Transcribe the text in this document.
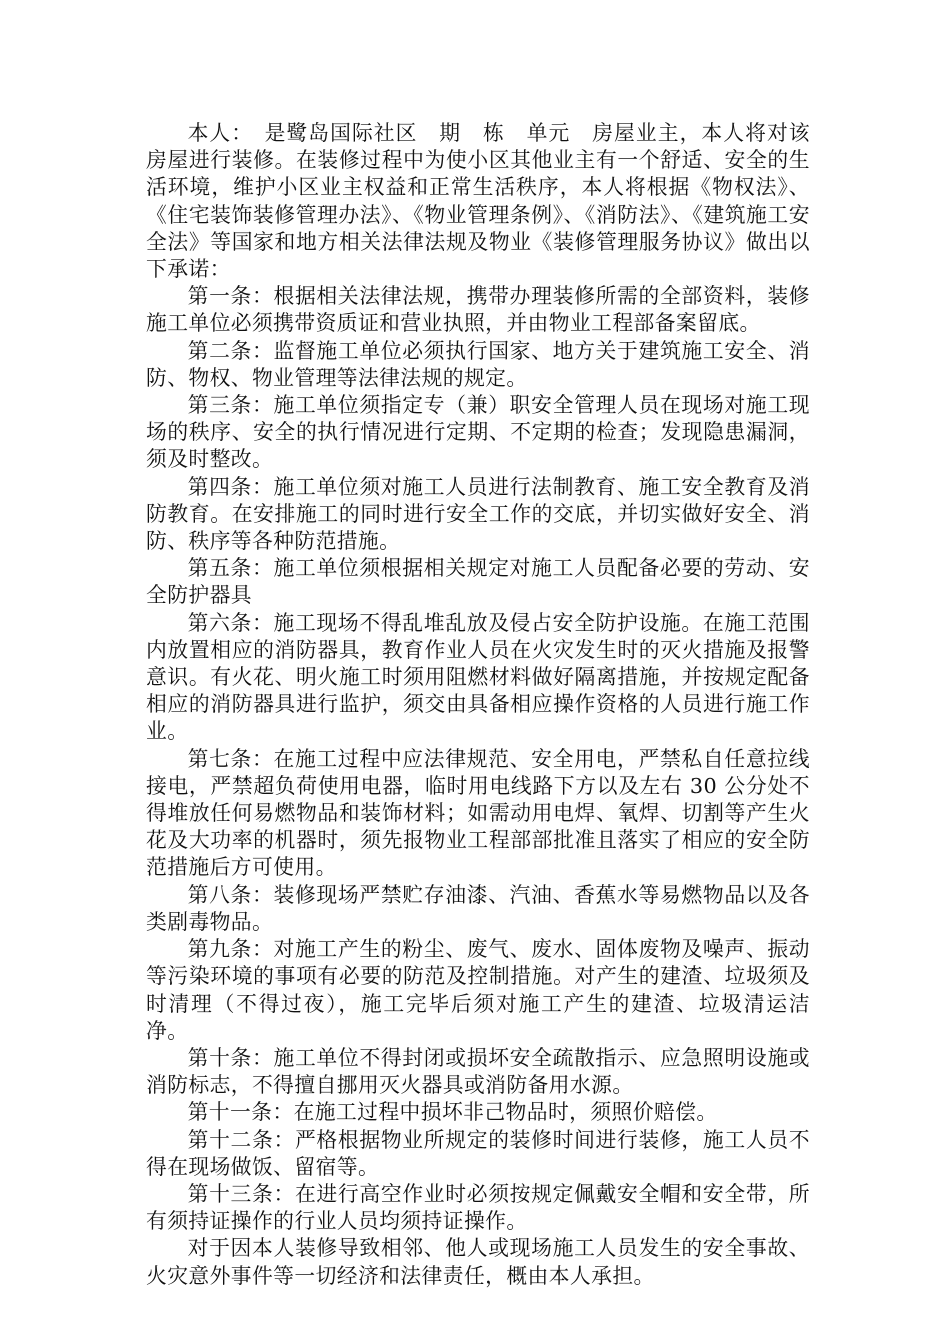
本人：　是鹭岛国际社区　期　栋　单元　房屋业主，本人将对该房屋进行装修。在装修过程中为使小区其他业主有一个舒适、安全的生活环境，维护小区业主权益和正常生活秩序，本人将根据《物权法》、《住宅装饰装修管理办法》、《物业管理条例》、《消防法》、《建筑施工安全法》等国家和地方相关法律法规及物业《装修管理服务协议》做出以下承诺：

第一条：根据相关法律法规，携带办理装修所需的全部资料，装修施工单位必须携带资质证和营业执照，并由物业工程部备案留底。

第二条：监督施工单位必须执行国家、地方关于建筑施工安全、消防、物权、物业管理等法律法规的规定。

第三条：施工单位须指定专（兼）职安全管理人员在现场对施工现场的秩序、安全的执行情况进行定期、不定期的检查；发现隐患漏洞，须及时整改。

第四条：施工单位须对施工人员进行法制教育、施工安全教育及消防教育。在安排施工的同时进行安全工作的交底，并切实做好安全、消防、秩序等各种防范措施。

第五条：施工单位须根据相关规定对施工人员配备必要的劳动、安全防护器具

第六条：施工现场不得乱堆乱放及侵占安全防护设施。在施工范围内放置相应的消防器具，教育作业人员在火灾发生时的灭火措施及报警意识。有火花、明火施工时须用阻燃材料做好隔离措施，并按规定配备相应的消防器具进行监护，须交由具备相应操作资格的人员进行施工作业。

第七条：在施工过程中应法律规范、安全用电，严禁私自任意拉线接电，严禁超负荷使用电器，临时用电线路下方以及左右 30 公分处不得堆放任何易燃物品和装饰材料；如需动用电焊、氧焊、切割等产生火花及大功率的机器时，须先报物业工程部部批准且落实了相应的安全防范措施后方可使用。

第八条：装修现场严禁贮存油漆、汽油、香蕉水等易燃物品以及各类剧毒物品。

第九条：对施工产生的粉尘、废气、废水、固体废物及噪声、振动等污染环境的事项有必要的防范及控制措施。对产生的建渣、垃圾须及时清理（不得过夜），施工完毕后须对施工产生的建渣、垃圾清运洁净。

第十条：施工单位不得封闭或损坏安全疏散指示、应急照明设施或消防标志，不得擅自挪用灭火器具或消防备用水源。

第十一条：在施工过程中损坏非己物品时，须照价赔偿。

第十二条：严格根据物业所规定的装修时间进行装修，施工人员不得在现场做饭、留宿等。

第十三条：在进行高空作业时必须按规定佩戴安全帽和安全带，所有须持证操作的行业人员均须持证操作。

对于因本人装修导致相邻、他人或现场施工人员发生的安全事故、火灾意外事件等一切经济和法律责任，概由本人承担。
